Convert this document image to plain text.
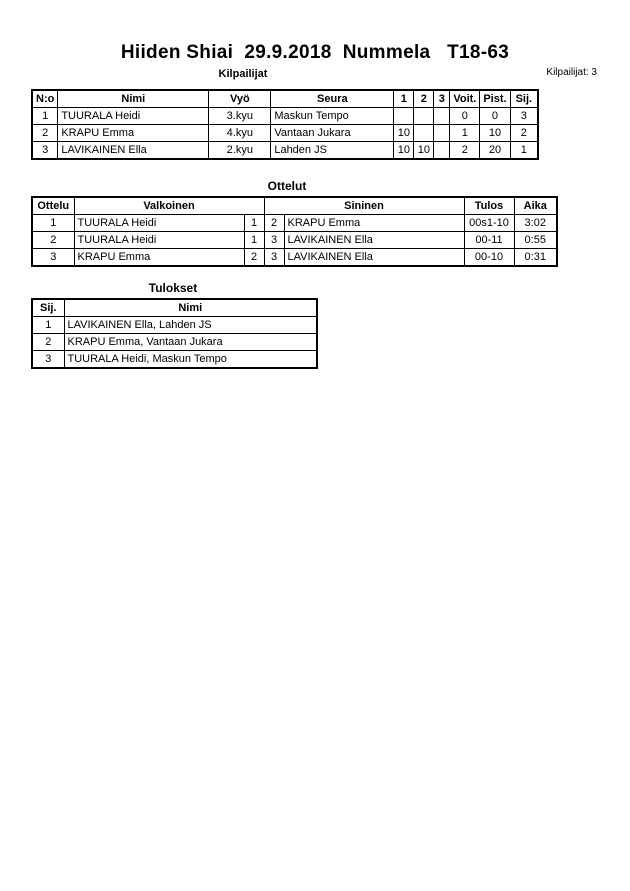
Hiiden Shiai  29.9.2018  Nummela   T18-63
Kilpailijat: 3
Kilpailijat
N:o	Nimi	Vyö	Seura	1	2	3	Voit.	Pist.	Sij.
1	TUURALA Heidi	3.kyu	Maskun Tempo				0	0	3
2	KRAPU Emma	4.kyu	Vantaan Jukara	10			1	10	2
3	LAVIKAINEN Ella	2.kyu	Lahden JS	10	10		2	20	1
Ottelut
Ottelu	Valkoinen		Sininen		Tulos	Aika
1	TUURALA Heidi	1	2	KRAPU Emma	00s1-10	3:02
2	TUURALA Heidi	1	3	LAVIKAINEN Ella	00-11	0:55
3	KRAPU Emma	2	3	LAVIKAINEN Ella	00-10	0:31
Tulokset
Sij.	Nimi
1	LAVIKAINEN Ella, Lahden JS
2	KRAPU Emma, Vantaan Jukara
3	TUURALA Heidi, Maskun Tempo
